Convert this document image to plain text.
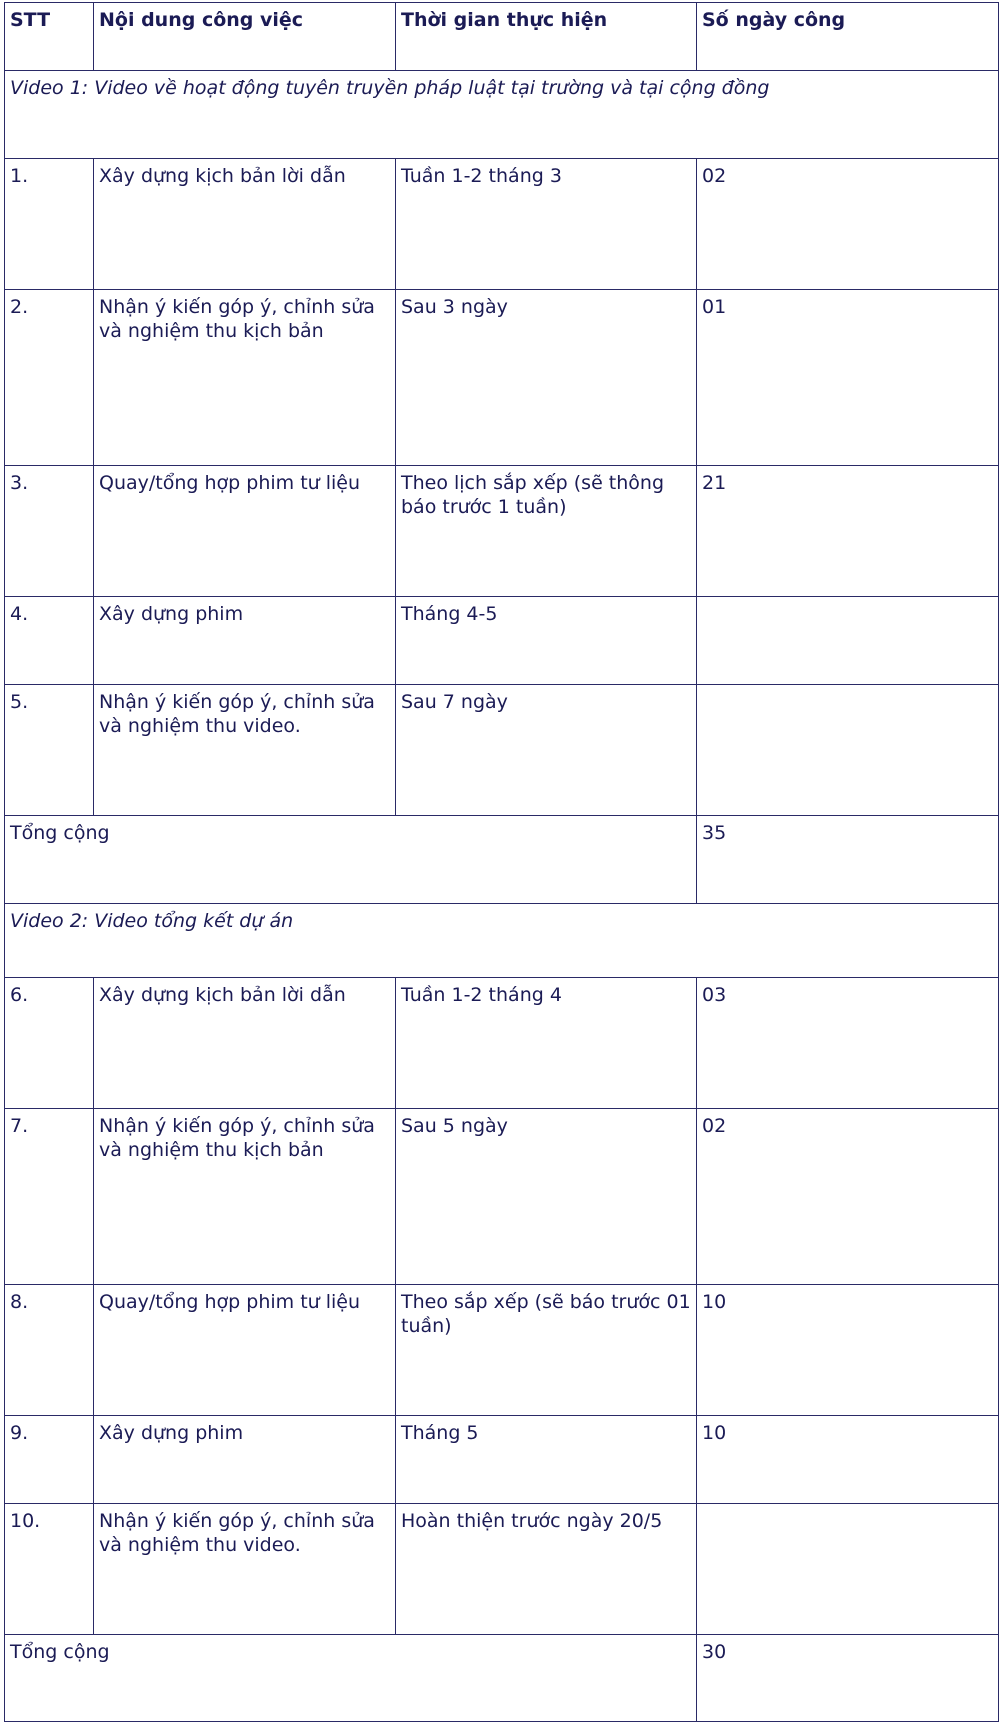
STT	Nội dung công việc	Thời gian thực hiện	Số ngày công
Video 1: Video về hoạt động tuyên truyền pháp luật tại trường và tại cộng đồng			
1.	Xây dựng kịch bản lời dẫn	Tuần 1-2 tháng 3	02
2.	Nhận ý kiến góp ý, chỉnh sửa và nghiệm thu kịch bản	Sau 3 ngày	01
3.	Quay/tổng hợp phim tư liệu	Theo lịch sắp xếp (sẽ thông báo trước 1 tuần)	21
4.	Xây dựng phim	Tháng 4-5	
5.	Nhận ý kiến góp ý, chỉnh sửa và nghiệm thu video.	Sau 7 ngày	
Tổng cộng			35
Video 2: Video tổng kết dự án			
6.	Xây dựng kịch bản lời dẫn	Tuần 1-2 tháng 4	03
7.	Nhận ý kiến góp ý, chỉnh sửa và nghiệm thu kịch bản	Sau 5 ngày	02
8.	Quay/tổng hợp phim tư liệu	Theo sắp xếp (sẽ báo trước 01 tuần)	10
9.	Xây dựng phim	Tháng 5	10
10.	Nhận ý kiến góp ý, chỉnh sửa và nghiệm thu video.	Hoàn thiện trước ngày 20/5	
Tổng cộng			30
